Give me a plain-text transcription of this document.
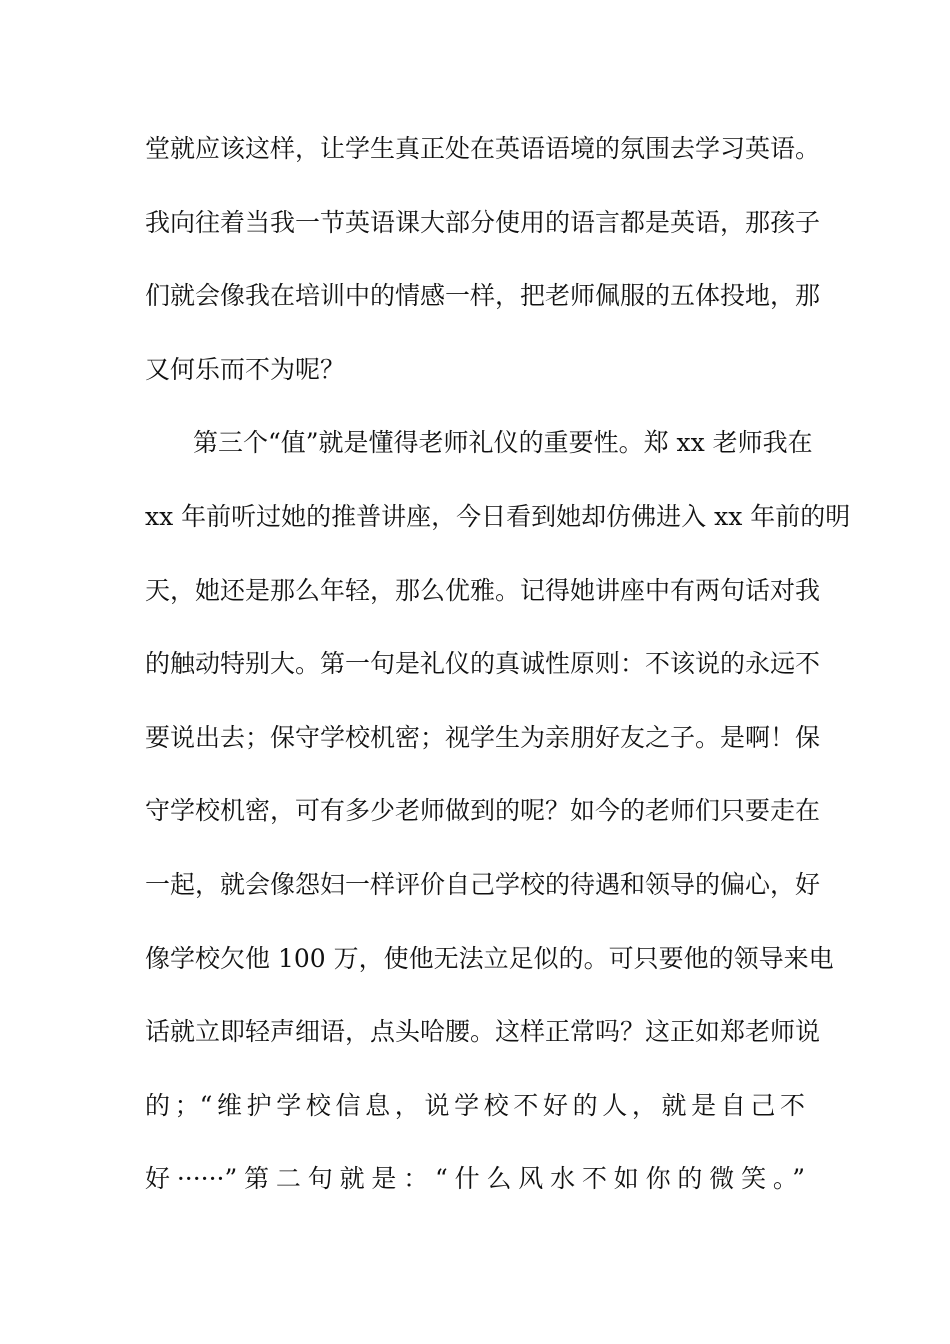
堂就应该这样，让学生真正处在英语语境的氛围去学习英语。
我向往着当我一节英语课大部分使用的语言都是英语，那孩子
们就会像我在培训中的情感一样，把老师佩服的五体投地，那
又何乐而不为呢？
第三个“值”就是懂得老师礼仪的重要性。郑 xx 老师我在
xx 年前听过她的推普讲座，今日看到她却仿佛进入 xx 年前的明
天，她还是那么年轻，那么优雅。记得她讲座中有两句话对我
的触动特别大。第一句是礼仪的真诚性原则：不该说的永远不
要说出去；保守学校机密；视学生为亲朋好友之子。是啊！保
守学校机密，可有多少老师做到的呢？如今的老师们只要走在
一起，就会像怨妇一样评价自己学校的待遇和领导的偏心，好
像学校欠他 100 万，使他无法立足似的。可只要他的领导来电
话就立即轻声细语，点头哈腰。这样正常吗？这正如郑老师说
的；“维护学校信息，说学校不好的人，就是自己不
好······”第二句就是：“什么风水不如你的微笑。”
